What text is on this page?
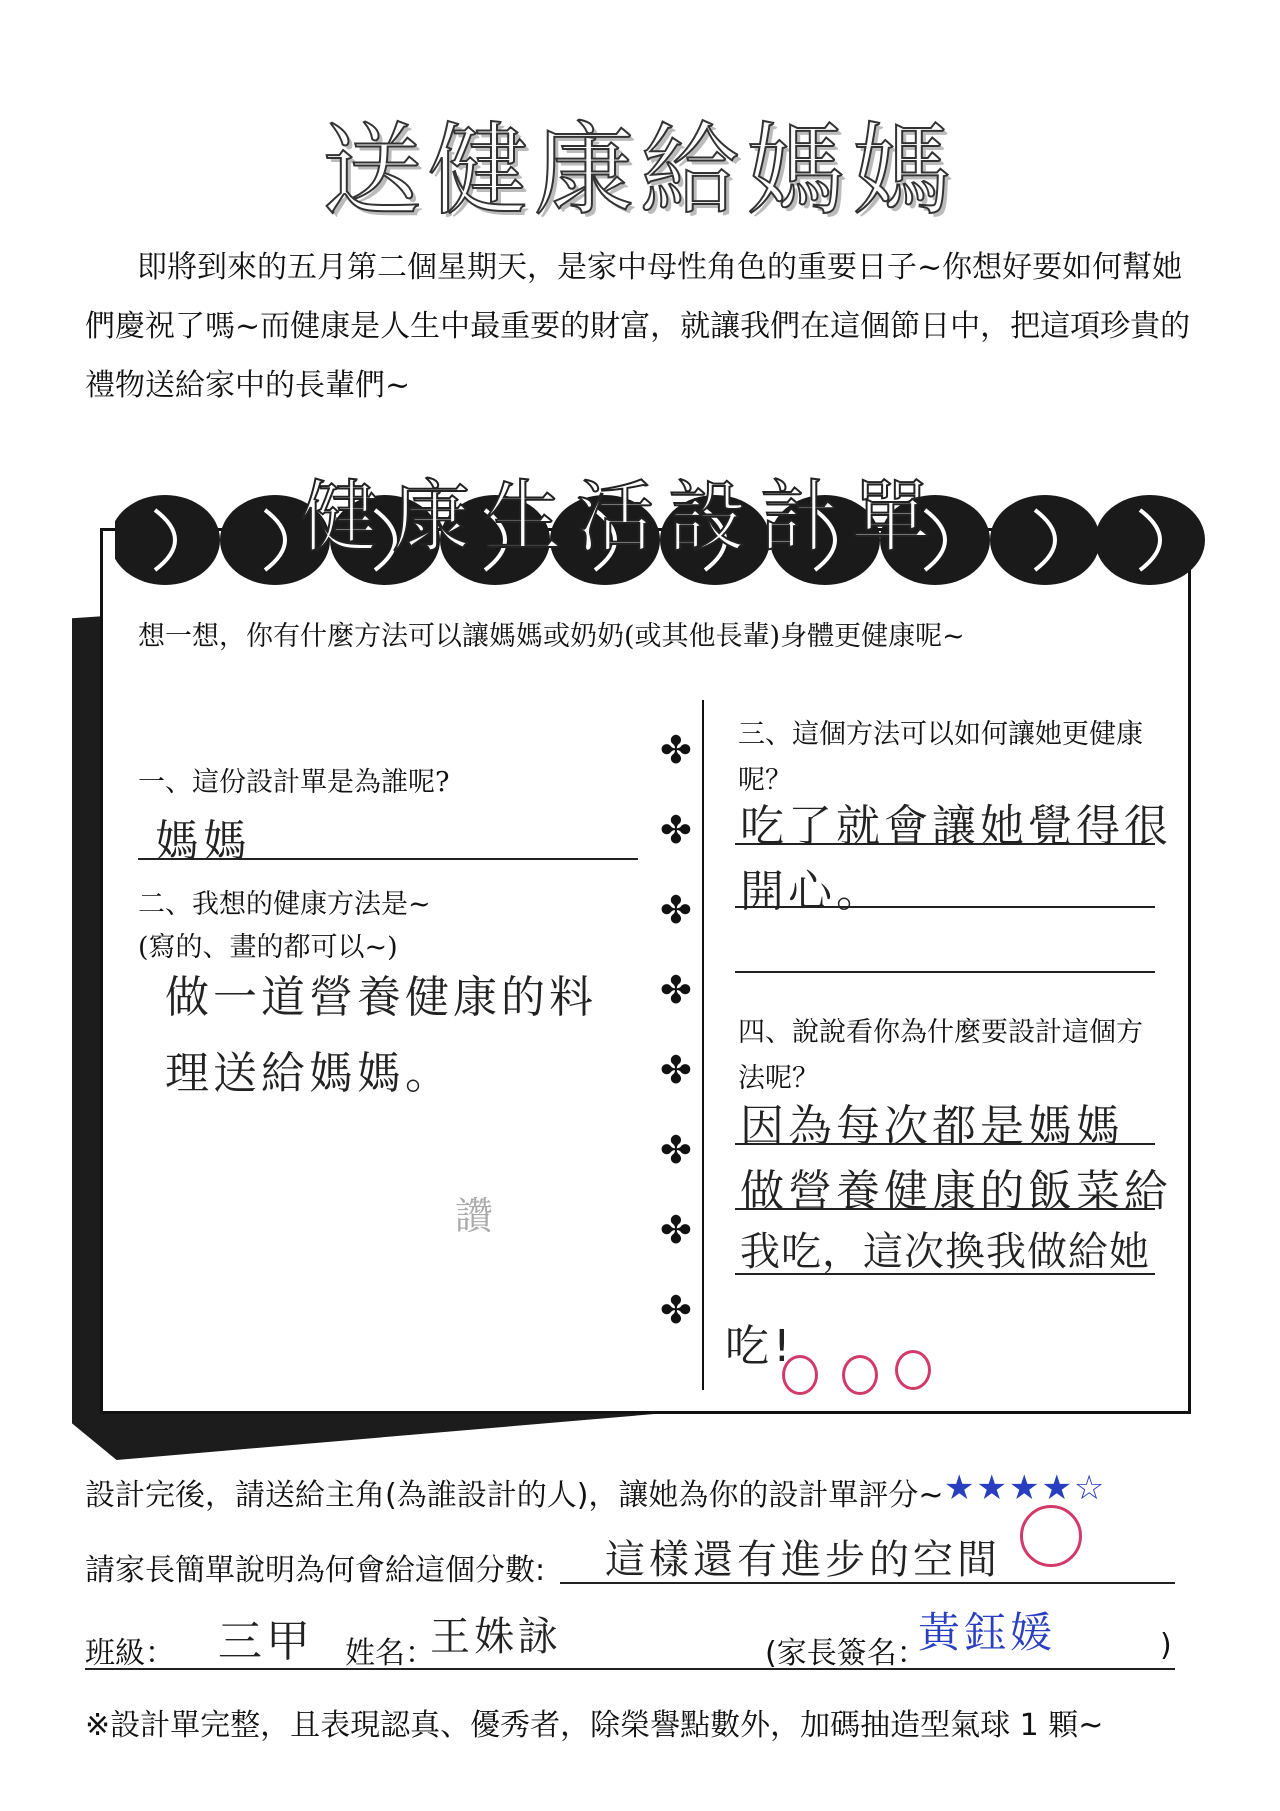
送健康給媽媽
即將到來的五月第二個星期天，是家中母性角色的重要日子~你想好要如何幫她們慶祝了嗎~而健康是人生中最重要的財富，就讓我們在這個節日中，把這項珍貴的禮物送給家中的長輩們~
健康生活設計單
想一想，你有什麼方法可以讓媽媽或奶奶(或其他長輩)身體更健康呢~
一、這份設計單是為誰呢?
媽媽
二、我想的健康方法是~
(寫的、畫的都可以~)
做一道營養健康的料理送給媽媽。
讚
✤
✤
✤
✤
✤
✤
✤
✤
三、這個方法可以如何讓她更健康呢？
吃了就會讓她覺得很
開心。
四、說說看你為什麼要設計這個方法呢？
因為每次都是媽媽
做營養健康的飯菜給
我吃，這次換我做給她
吃!
設計完後，請送給主角(為誰設計的人)，讓她為你的設計單評分~ ★★★★☆
請家長簡單說明為何會給這個分數: 這樣還有進步的空間
班級： 三甲 姓名：
王姝詠	(家長簽名：
黃鈺媛	)
※設計單完整，且表現認真、優秀者，除榮譽點數外，加碼抽造型氣球 1 顆~
